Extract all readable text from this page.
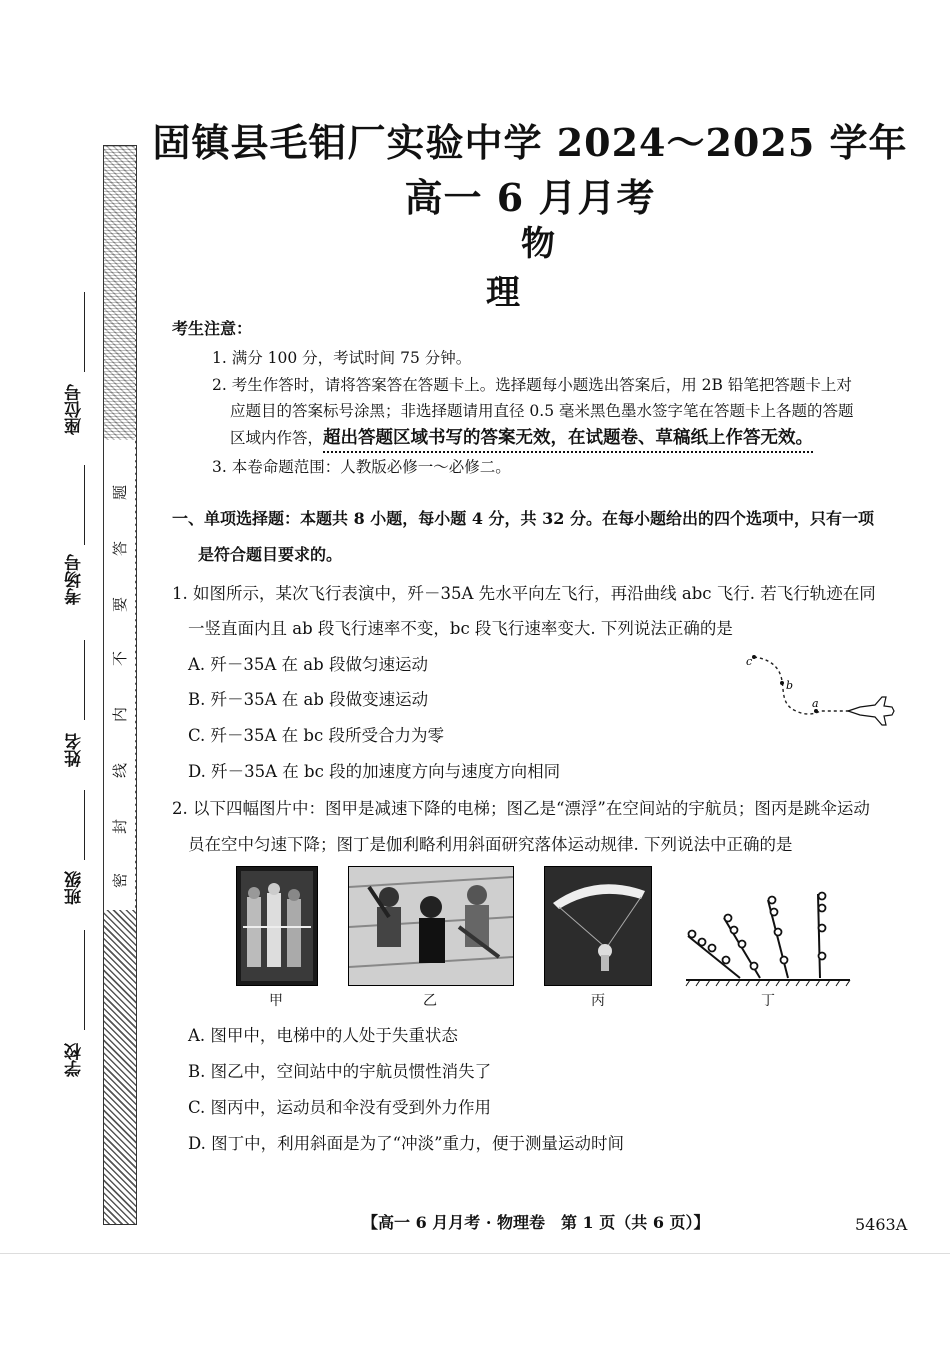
题
答
要
不
内
线
封
密
座位号
考场号
姓名
班级
学校
固镇县毛钼厂实验中学 2024～2025 学年高一 6 月月考
物理
考生注意：
1. 满分 100 分，考试时间 75 分钟。
2. 考生作答时，请将答案答在答题卡上。选择题每小题选出答案后，用 2B 铅笔把答题卡上对
应题目的答案标号涂黑；非选择题请用直径 0.5 毫米黑色墨水签字笔在答题卡上各题的答题
区域内作答，超出答题区域书写的答案无效，在试题卷、草稿纸上作答无效。
3. 本卷命题范围：人教版必修一～必修二。
一、单项选择题：本题共 8 小题，每小题 4 分，共 32 分。在每小题给出的四个选项中，只有一项
是符合题目要求的。
1. 如图所示，某次飞行表演中，歼－35A 先水平向左飞行，再沿曲线 abc 飞行. 若飞行轨迹在同
一竖直面内且 ab 段飞行速率不变，bc 段飞行速率变大. 下列说法正确的是
A. 歼－35A 在 ab 段做匀速运动
B. 歼－35A 在 ab 段做变速运动
C. 歼－35A 在 bc 段所受合力为零
D. 歼－35A 在 bc 段的加速度方向与速度方向相同
c
b
a
2. 以下四幅图片中：图甲是减速下降的电梯；图乙是“漂浮”在空间站的宇航员；图丙是跳伞运动
员在空中匀速下降；图丁是伽利略利用斜面研究落体运动规律. 下列说法中正确的是
甲	乙	丙	丁
A. 图甲中，电梯中的人处于失重状态
B. 图乙中，空间站中的宇航员惯性消失了
C. 图丙中，运动员和伞没有受到外力作用
D. 图丁中，利用斜面是为了“冲淡”重力，便于测量运动时间
【高一 6 月月考 · 物理卷　第 1 页（共 6 页）】	5463A
